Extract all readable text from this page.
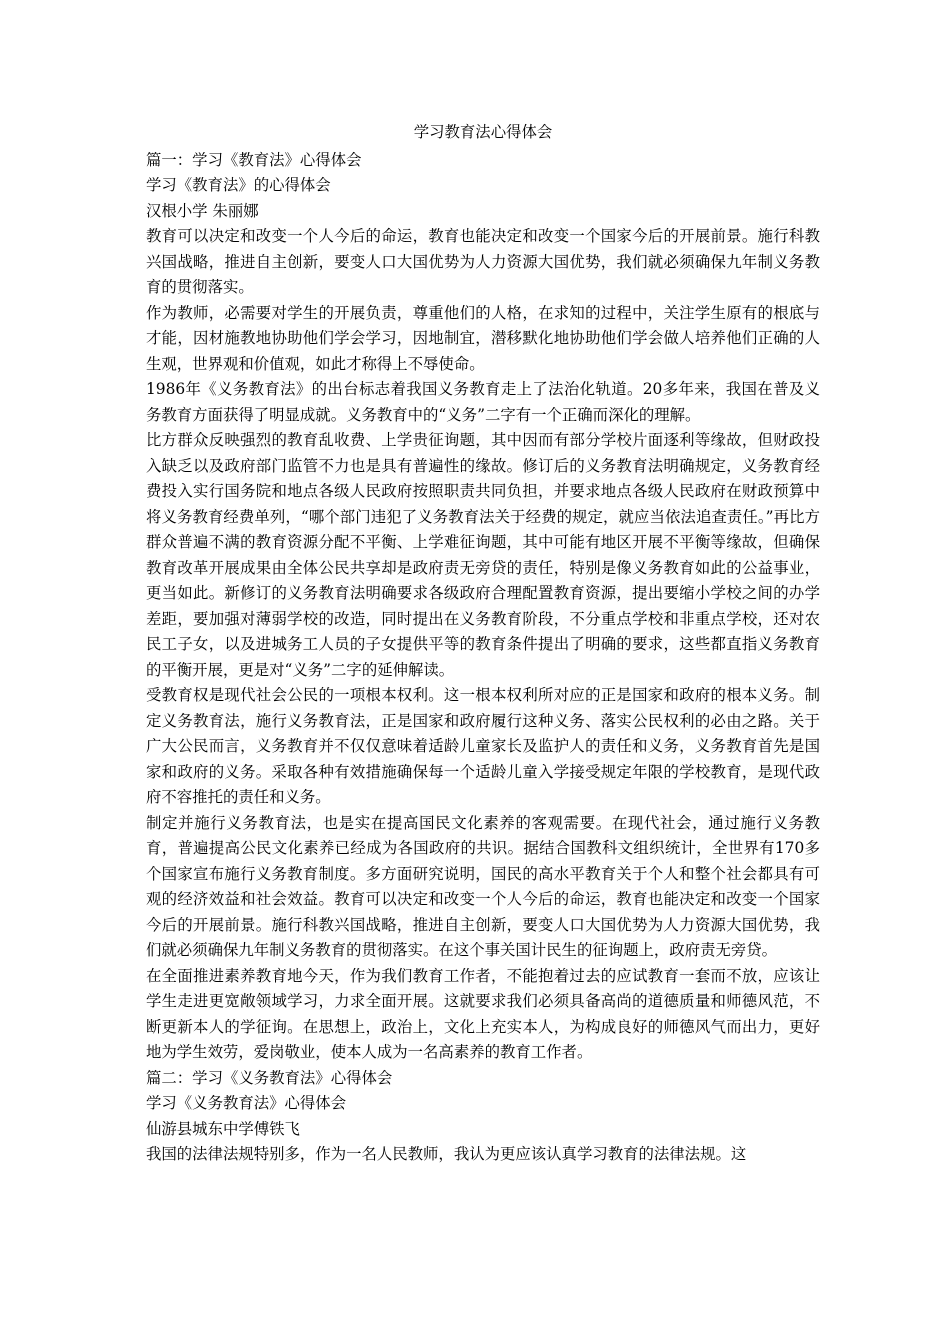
学习教育法心得体会
篇一：学习《教育法》心得体会
学习《教育法》的心得体会
汉根小学 朱丽娜

教育可以决定和改变一个人今后的命运，教育也能决定和改变一个国家今后的开展前景。施行科教兴国战略，推进自主创新，要变人口大国优势为人力资源大国优势，我们就必须确保九年制义务教育的贯彻落实。

作为教师，必需要对学生的开展负责，尊重他们的人格，在求知的过程中，关注学生原有的根底与才能，因材施教地协助他们学会学习，因地制宜，潜移默化地协助他们学会做人培养他们正确的人生观，世界观和价值观，如此才称得上不辱使命。

1986年《义务教育法》的出台标志着我国义务教育走上了法治化轨道。20多年来，我国在普及义务教育方面获得了明显成就。义务教育中的“义务”二字有一个正确而深化的理解。

比方群众反映强烈的教育乱收费、上学贵征询题，其中因而有部分学校片面逐利等缘故，但财政投入缺乏以及政府部门监管不力也是具有普遍性的缘故。修订后的义务教育法明确规定，义务教育经费投入实行国务院和地点各级人民政府按照职责共同负担，并要求地点各级人民政府在财政预算中将义务教育经费单列，“哪个部门违犯了义务教育法关于经费的规定，就应当依法追查责任。”再比方群众普遍不满的教育资源分配不平衡、上学难征询题，其中可能有地区开展不平衡等缘故，但确保教育改革开展成果由全体公民共享却是政府责无旁贷的责任，特别是像义务教育如此的公益事业，更当如此。新修订的义务教育法明确要求各级政府合理配置教育资源，提出要缩小学校之间的办学差距，要加强对薄弱学校的改造，同时提出在义务教育阶段，不分重点学校和非重点学校，还对农民工子女，以及进城务工人员的子女提供平等的教育条件提出了明确的要求，这些都直指义务教育的平衡开展，更是对“义务”二字的延伸解读。

受教育权是现代社会公民的一项根本权利。这一根本权利所对应的正是国家和政府的根本义务。制定义务教育法，施行义务教育法，正是国家和政府履行这种义务、落实公民权利的必由之路。关于广大公民而言，义务教育并不仅仅意味着适龄儿童家长及监护人的责任和义务，义务教育首先是国家和政府的义务。采取各种有效措施确保每一个适龄儿童入学接受规定年限的学校教育，是现代政府不容推托的责任和义务。

制定并施行义务教育法，也是实在提高国民文化素养的客观需要。在现代社会，通过施行义务教育，普遍提高公民文化素养已经成为各国政府的共识。据结合国教科文组织统计，全世界有170多个国家宣布施行义务教育制度。多方面研究说明，国民的高水平教育关于个人和整个社会都具有可观的经济效益和社会效益。教育可以决定和改变一个人今后的命运，教育也能决定和改变一个国家今后的开展前景。施行科教兴国战略，推进自主创新，要变人口大国优势为人力资源大国优势，我们就必须确保九年制义务教育的贯彻落实。在这个事关国计民生的征询题上，政府责无旁贷。

在全面推进素养教育地今天，作为我们教育工作者，不能抱着过去的应试教育一套而不放，应该让学生走进更宽敞领域学习，力求全面开展。这就要求我们必须具备高尚的道德质量和师德风范，不断更新本人的学征询。在思想上，政治上，文化上充实本人，为构成良好的师德风气而出力，更好地为学生效劳，爱岗敬业，使本人成为一名高素养的教育工作者。

篇二：学习《义务教育法》心得体会
学习《义务教育法》心得体会
仙游县城东中学傅铁飞
我国的法律法规特别多，作为一名人民教师，我认为更应该认真学习教育的法律法规。这
